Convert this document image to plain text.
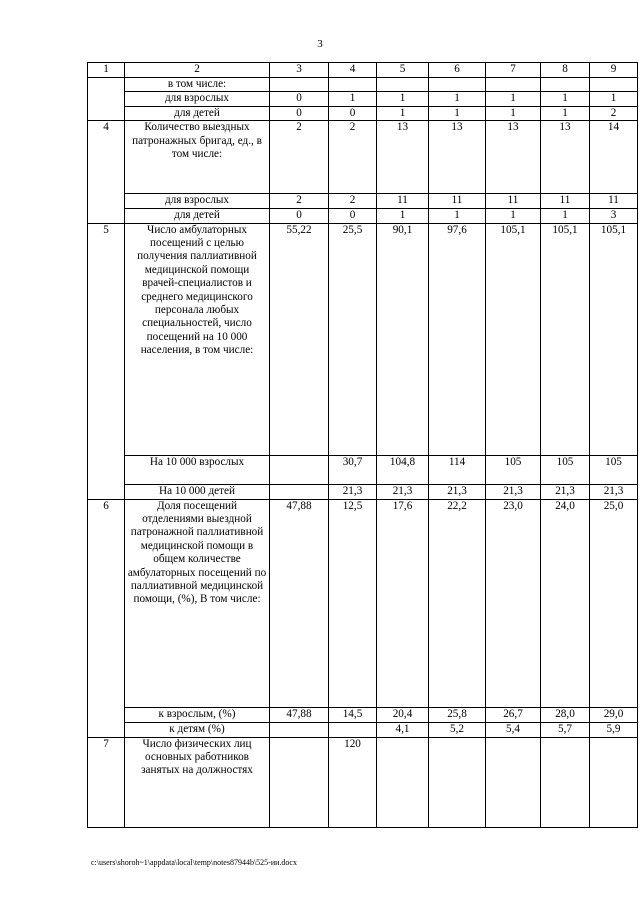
3
1	2	3	4	5	6	7	8	9
	в том числе:							
	для взрослых	0	1	1	1	1	1	1
	для детей	0	0	1	1	1	1	2
4	Количество выездных патронажных бригад, ед., в том числе:	2	2	13	13	13	13	14
	для взрослых	2	2	11	11	11	11	11
	для детей	0	0	1	1	1	1	3
5	Число амбулаторных посещений с целью получения паллиативной медицинской помощи врачей-специалистов и среднего медицинского персонала любых специальностей, число посещений на 10 000 населения, в том числе:	55,22	25,5	90,1	97,6	105,1	105,1	105,1
	На 10 000 взрослых		30,7	104,8	114	105	105	105
	На 10 000 детей		21,3	21,3	21,3	21,3	21,3	21,3
6	Доля посещений отделениями выездной патронажной паллиативной медицинской помощи в общем количестве амбулаторных посещений по паллиативной медицинской помощи, (%), В том числе:	47,88	12,5	17,6	22,2	23,0	24,0	25,0
	к взрослым, (%)	47,88	14,5	20,4	25,8	26,7	28,0	29,0
	к детям (%)			4,1	5,2	5,4	5,7	5,9
7	Число физических лиц основных работников занятых на должностях		120					
c:\users\shoroh~1\appdata\local\temp\notes87944b\525-ии.docx
